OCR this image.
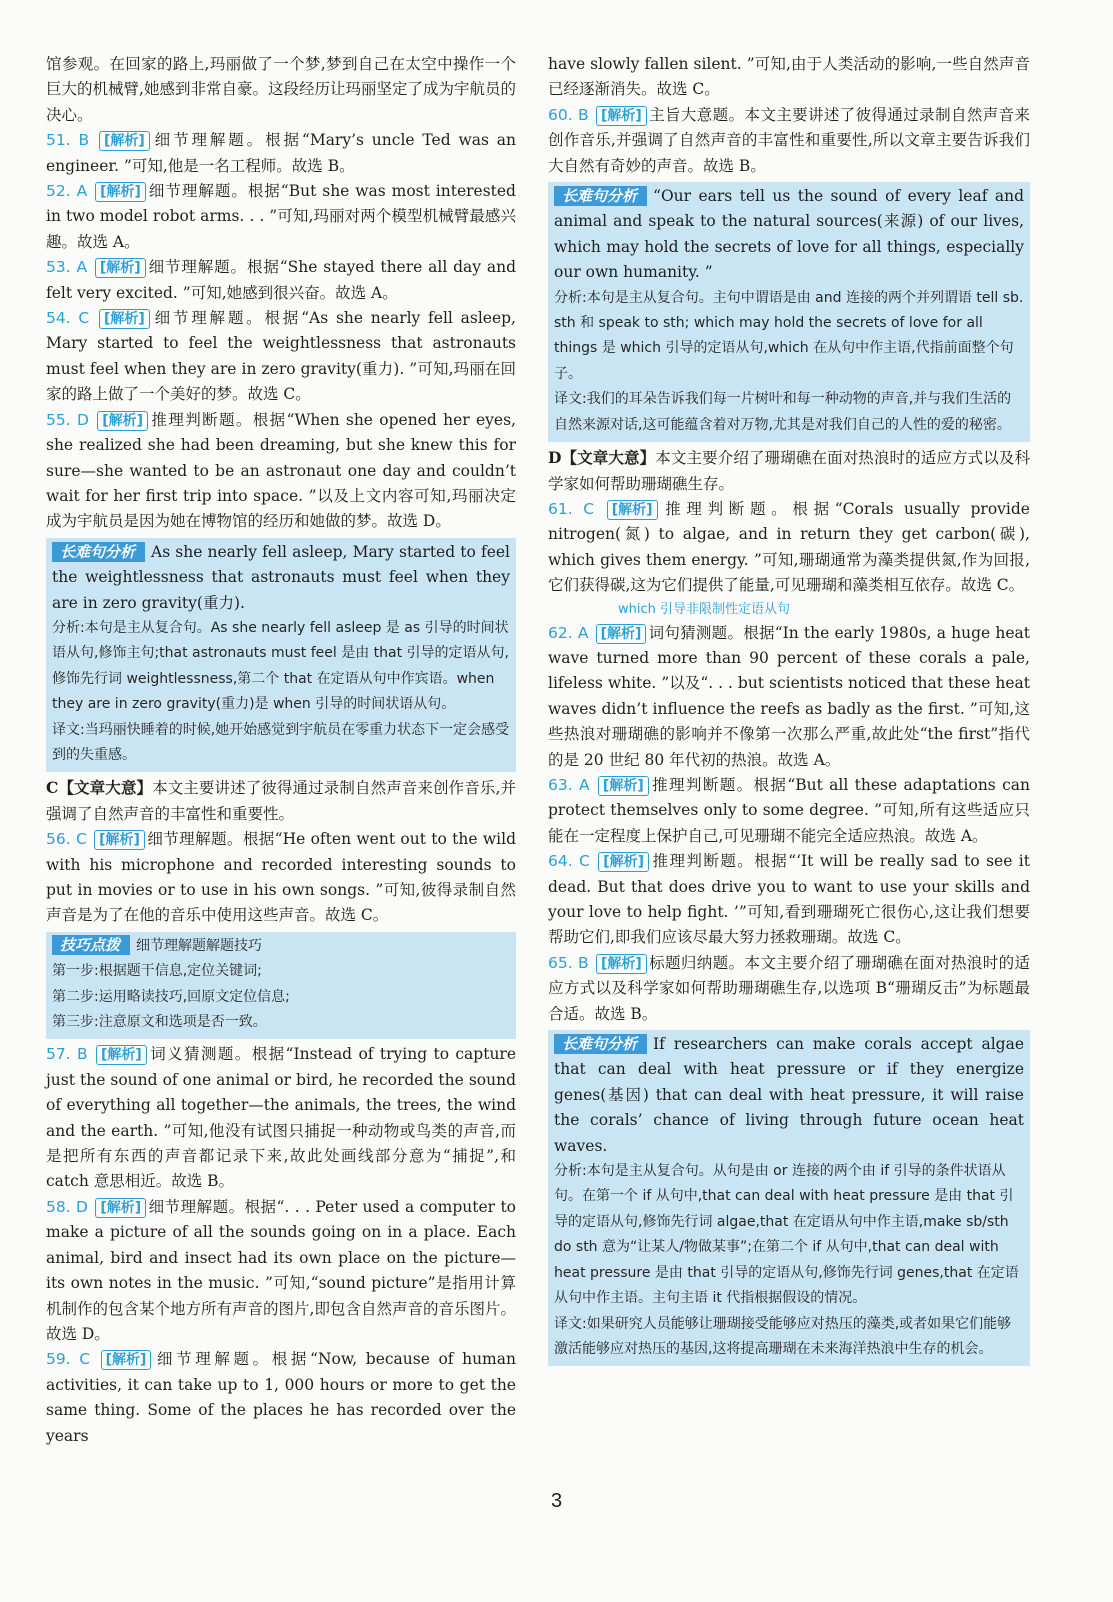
馆参观。在回家的路上,玛丽做了一个梦,梦到自己在太空中操作一个巨大的机械臂,她感到非常自豪。这段经历让玛丽坚定了成为宇航员的决心。

51. B [解析] 细节理解题。根据“Mary’s uncle Ted was an engineer. ”可知,他是一名工程师。故选 B。

52. A [解析] 细节理解题。根据“But she was most interested in two model robot arms. . . ”可知,玛丽对两个模型机械臂最感兴趣。故选 A。

53. A [解析] 细节理解题。根据“She stayed there all day and felt very excited. ”可知,她感到很兴奋。故选 A。

54. C [解析] 细节理解题。根据“As she nearly fell asleep, Mary started to feel the weightlessness that astronauts must feel when they are in zero gravity(重力). ”可知,玛丽在回家的路上做了一个美好的梦。故选 C。

55. D [解析] 推理判断题。根据“When she opened her eyes, she realized she had been dreaming, but she knew this for sure—she wanted to be an astronaut one day and couldn’t wait for her first trip into space. ”以及上文内容可知,玛丽决定成为宇航员是因为她在博物馆的经历和她做的梦。故选 D。

长难句分析 As she nearly fell asleep, Mary started to feel the weightlessness that astronauts must feel when they are in zero gravity(重力).

分析:本句是主从复合句。As she nearly fell asleep 是 as 引导的时间状语从句,修饰主句;that astronauts must feel 是由 that 引导的定语从句,修饰先行词 weightlessness,第二个 that 在定语从句中作宾语。when they are in zero gravity(重力)是 when 引导的时间状语从句。

译文:当玛丽快睡着的时候,她开始感觉到宇航员在零重力状态下一定会感受到的失重感。

C【文章大意】本文主要讲述了彼得通过录制自然声音来创作音乐,并强调了自然声音的丰富性和重要性。

56. C [解析] 细节理解题。根据“He often went out to the wild with his microphone and recorded interesting sounds to put in movies or to use in his own songs. ”可知,彼得录制自然声音是为了在他的音乐中使用这些声音。故选 C。

技巧点拨 细节理解题解题技巧

第一步:根据题干信息,定位关键词;

第二步:运用略读技巧,回原文定位信息;

第三步:注意原文和选项是否一致。

57. B [解析] 词义猜测题。根据“Instead of trying to capture just the sound of one animal or bird, he recorded the sound of everything all together—the animals, the trees, the wind and the earth. ”可知,他没有试图只捕捉一种动物或鸟类的声音,而是把所有东西的声音都记录下来,故此处画线部分意为“捕捉”,和 catch 意思相近。故选 B。

58. D [解析] 细节理解题。根据“. . . Peter used a computer to make a picture of all the sounds going on in a place. Each animal, bird and insect had its own place on the picture—its own notes in the music. ”可知,“sound picture”是指用计算机制作的包含某个地方所有声音的图片,即包含自然声音的音乐图片。故选 D。

59. C [解析] 细节理解题。根据“Now, because of human activities, it can take up to 1, 000 hours or more to get the same thing. Some of the places he has recorded over the years

have slowly fallen silent. ”可知,由于人类活动的影响,一些自然声音已经逐渐消失。故选 C。

60. B [解析] 主旨大意题。本文主要讲述了彼得通过录制自然声音来创作音乐,并强调了自然声音的丰富性和重要性,所以文章主要告诉我们大自然有奇妙的声音。故选 B。

长难句分析 “Our ears tell us the sound of every leaf and animal and speak to the natural sources(来源) of our lives, which may hold the secrets of love for all things, especially our own humanity. ”

分析:本句是主从复合句。主句中谓语是由 and 连接的两个并列谓语 tell sb. sth 和 speak to sth; which may hold the secrets of love for all things 是 which 引导的定语从句,which 在从句中作主语,代指前面整个句子。

译文:我们的耳朵告诉我们每一片树叶和每一种动物的声音,并与我们生活的自然来源对话,这可能蕴含着对万物,尤其是对我们自己的人性的爱的秘密。

D【文章大意】本文主要介绍了珊瑚礁在面对热浪时的适应方式以及科学家如何帮助珊瑚礁生存。

61. C [解析] 推理判断题。根据“Corals usually provide nitrogen(氮) to algae, and in return they get carbon(碳), which gives them energy. ”可知,珊瑚通常为藻类提供氮,作为回报,它们获得碳,这为它们提供了能量,可见珊瑚和藻类相互依存。故选 C。

which 引导非限制性定语从句

62. A [解析] 词句猜测题。根据“In the early 1980s, a huge heat wave turned more than 90 percent of these corals a pale, lifeless white. ”以及“. . . but scientists noticed that these heat waves didn’t influence the reefs as badly as the first. ”可知,这些热浪对珊瑚礁的影响并不像第一次那么严重,故此处“the first”指代的是 20 世纪 80 年代初的热浪。故选 A。

63. A [解析] 推理判断题。根据“But all these adaptations can protect themselves only to some degree. ”可知,所有这些适应只能在一定程度上保护自己,可见珊瑚不能完全适应热浪。故选 A。

64. C [解析] 推理判断题。根据“‘It will be really sad to see it dead. But that does drive you to want to use your skills and your love to help fight. ’”可知,看到珊瑚死亡很伤心,这让我们想要帮助它们,即我们应该尽最大努力拯救珊瑚。故选 C。

65. B [解析] 标题归纳题。本文主要介绍了珊瑚礁在面对热浪时的适应方式以及科学家如何帮助珊瑚礁生存,以选项 B“珊瑚反击”为标题最合适。故选 B。

长难句分析 If researchers can make corals accept algae that can deal with heat pressure or if they energize genes(基因) that can deal with heat pressure, it will raise the corals’ chance of living through future ocean heat waves.

分析:本句是主从复合句。从句是由 or 连接的两个由 if 引导的条件状语从句。在第一个 if 从句中,that can deal with heat pressure 是由 that 引导的定语从句,修饰先行词 algae,that 在定语从句中作主语,make sb/sth do sth 意为“让某人/物做某事”;在第二个 if 从句中,that can deal with heat pressure 是由 that 引导的定语从句,修饰先行词 genes,that 在定语从句中作主语。主句主语 it 代指根据假设的情况。

译文:如果研究人员能够让珊瑚接受能够应对热压的藻类,或者如果它们能够激活能够应对热压的基因,这将提高珊瑚在未来海洋热浪中生存的机会。

3
